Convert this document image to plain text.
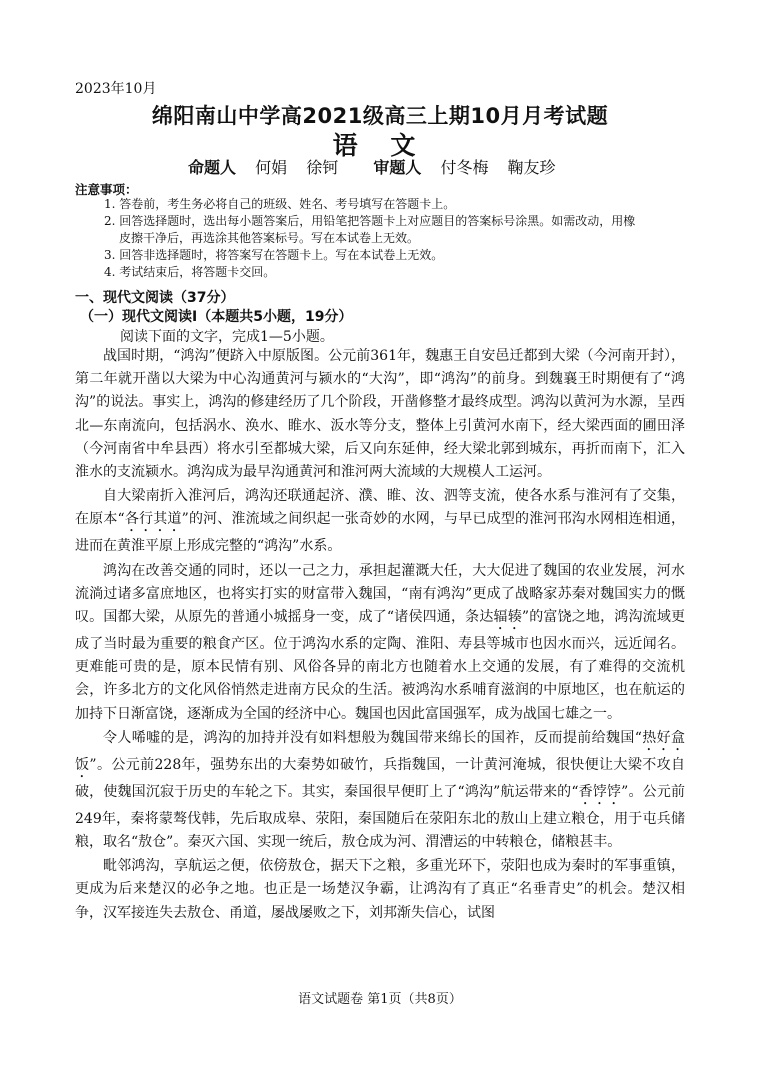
2023年10月
绵阳南山中学高2021级高三上期10月月考试题
语 文
命题人 何娟 徐钶 审题人 付冬梅 鞠友珍
注意事项：
1. 答卷前，考生务必将自己的班级、姓名、考号填写在答题卡上。
2. 回答选择题时，选出每小题答案后，用铅笔把答题卡上对应题目的答案标号涂黑。如需改动，用橡
皮擦干净后，再选涂其他答案标号。写在本试卷上无效。
3. 回答非选择题时，将答案写在答题卡上。写在本试卷上无效。
4. 考试结束后，将答题卡交回。
一、现代文阅读（37分）
（一）现代文阅读Ⅰ（本题共5小题，19分）
阅读下面的文字，完成1—5小题。

战国时期，“鸿沟”便跻入中原版图。公元前361年，魏惠王自安邑迁都到大梁（今河南开封），第二年就开凿以大梁为中心沟通黄河与颍水的“大沟”，即“鸿沟”的前身。到魏襄王时期便有了“鸿沟”的说法。事实上，鸿沟的修建经历了几个阶段，开凿修整才最终成型。鸿沟以黄河为水源，呈西北—东南流向，包括涡水、涣水、睢水、汳水等分支，整体上引黄河水南下，经大梁西面的圃田泽（今河南省中牟县西）将水引至都城大梁，后又向东延伸，经大梁北郭到城东，再折而南下，汇入淮水的支流颍水。鸿沟成为最早沟通黄河和淮河两大流域的大规模人工运河。

自大梁南折入淮河后，鸿沟还联通起济、濮、睢、汝、泗等支流，使各水系与淮河有了交集，在原本“各行其道”的河、淮流域之间织起一张奇妙的水网，与早已成型的淮河邗沟水网相连相通，进而在黄淮平原上形成完整的“鸿沟”水系。

鸿沟在改善交通的同时，还以一己之力，承担起灌溉大任，大大促进了魏国的农业发展，河水流淌过诸多富庶地区，也将实打实的财富带入魏国，“南有鸿沟”更成了战略家苏秦对魏国实力的慨叹。国都大梁，从原先的普通小城摇身一变，成了“诸侯四通，条达辐辏”的富饶之地，鸿沟流域更成了当时最为重要的粮食产区。位于鸿沟水系的定陶、淮阳、寿县等城市也因水而兴，远近闻名。更难能可贵的是，原本民情有别、风俗各异的南北方也随着水上交通的发展，有了难得的交流机会，许多北方的文化风俗悄然走进南方民众的生活。被鸿沟水系哺育滋润的中原地区，也在航运的加持下日渐富饶，逐渐成为全国的经济中心。魏国也因此富国强军，成为战国七雄之一。

令人唏嘘的是，鸿沟的加持并没有如料想般为魏国带来绵长的国祚，反而提前给魏国“热好盒饭”。公元前228年，强势东出的大秦势如破竹，兵指魏国，一计黄河淹城，很快便让大梁不攻自破，使魏国沉寂于历史的车轮之下。其实，秦国很早便盯上了“鸿沟”航运带来的“香饽饽”。公元前249年，秦将蒙骜伐韩，先后取成皋、荥阳，秦国随后在荥阳东北的敖山上建立粮仓，用于屯兵储粮，取名“敖仓”。秦灭六国、实现一统后，敖仓成为河、渭漕运的中转粮仓，储粮甚丰。

毗邻鸿沟，享航运之便，依傍敖仓，据天下之粮，多重光环下，荥阳也成为秦时的军事重镇，更成为后来楚汉的必争之地。也正是一场楚汉争霸，让鸿沟有了真正“名垂青史”的机会。楚汉相争，汉军接连失去敖仓、甬道，屡战屡败之下，刘邦渐失信心，试图

语文试题卷 第1页（共8页）
